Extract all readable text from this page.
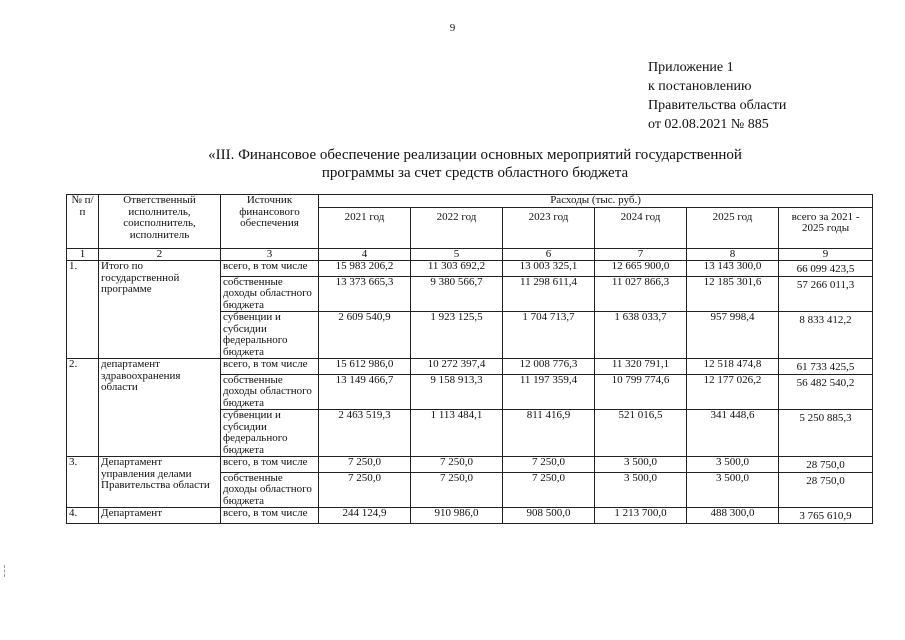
9
Приложение 1
к постановлению
Правительства области
от 02.08.2021 № 885
«III. Финансовое обеспечение реализации основных мероприятий государственной
программы за счет средств областного бюджета
№ п/п	Ответственный исполнитель, соисполнитель, исполнитель	Источник финансового обеспечения	Расходы (тыс. руб.)					
			2021 год	2022 год	2023 год	2024 год	2025 год	всего за 2021 - 2025 годы
1	2	3	4	5	6	7	8	9
1.	Итого по государственной программе	всего, в том числе	15 983 206,2	11 303 692,2	13 003 325,1	12 665 900,0	13 143 300,0	66 099 423,5
		собственные доходы областного бюджета	13 373 665,3	9 380 566,7	11 298 611,4	11 027 866,3	12 185 301,6	57 266 011,3
		субвенции и субсидии федерального бюджета	2 609 540,9	1 923 125,5	1 704 713,7	1 638 033,7	957 998,4	8 833 412,2
2.	департамент здравоохранения области	всего, в том числе	15 612 986,0	10 272 397,4	12 008 776,3	11 320 791,1	12 518 474,8	61 733 425,5
		собственные доходы областного бюджета	13 149 466,7	9 158 913,3	11 197 359,4	10 799 774,6	12 177 026,2	56 482 540,2
		субвенции и субсидии федерального бюджета	2 463 519,3	1 113 484,1	811 416,9	521 016,5	341 448,6	5 250 885,3
3.	Департамент управления делами Правительства области	всего, в том числе	7 250,0	7 250,0	7 250,0	3 500,0	3 500,0	28 750,0
		собственные доходы областного бюджета	7 250,0	7 250,0	7 250,0	3 500,0	3 500,0	28 750,0
4.	Департамент	всего, в том числе	244 124,9	910 986,0	908 500,0	1 213 700,0	488 300,0	3 765 610,9
